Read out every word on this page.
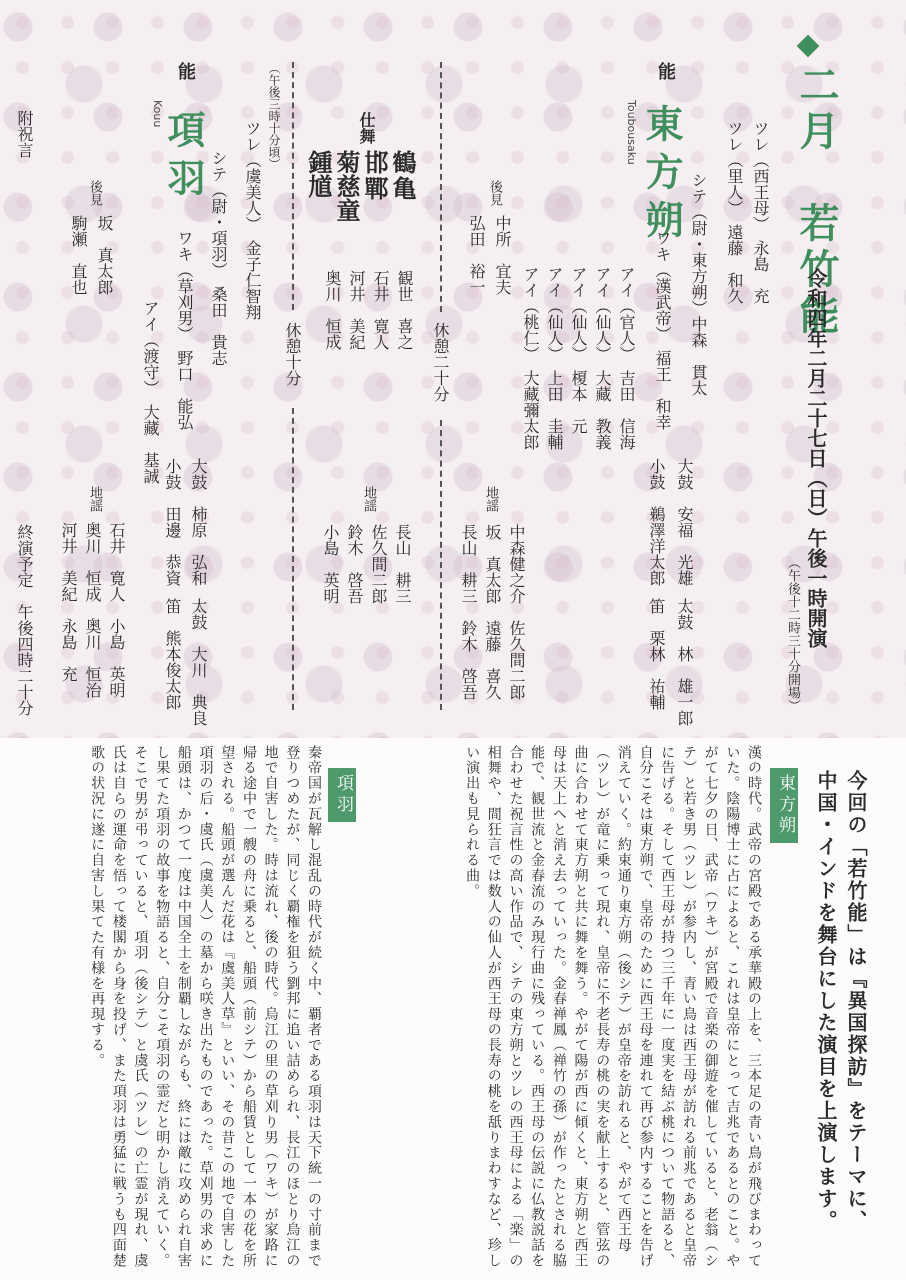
二月　若竹能
令和四年二月二十七日（日）午後一時開演
（午後十二時三十分開場）
能
東方朔
Toubousaku	ツレ（西王母）　永島　充
ツレ（里人）　遠藤　和久
シテ（尉・東方朔）中森　貫太
ワキ（漢武帝）　福王　和幸
アイ（官人）　吉田　信海
アイ（仙人）　大藏　教義
アイ（仙人）　榎本　元
アイ（仙人）　上田　圭輔
アイ（桃仁）　大藏彌太郎
後見
中所　宜夫
弘田　裕一
大鼓　安福　光雄
小鼓　鵜澤洋太郎
太鼓　林　雄一郎
笛　栗林　祐輔
地謡
中森健之介　佐久間二郎
坂　真太郎　遠藤　喜久
長山　耕三　鈴木　啓吾
休憩二十分
仕舞
鶴亀
邯鄲
菊慈童
鍾馗
観世　喜之
石井　寛人
河井　美紀
奥川　恒成
地謡
長山　耕三
佐久間二郎
鈴木　啓吾
小島　英明
休憩十分
（午後三時十分頃）
能
項羽
Kouu
ツレ（虞美人）　金子仁智翔
シテ（尉・項羽）　桑田　貴志
ワキ（草刈男）　野口　能弘
アイ（渡守）　大藏　基誠
後見
坂　真太郎
駒瀬　直也
大鼓　柿原　弘和
小鼓　田邊　恭資
太鼓　大川　典良
笛　熊本俊太郎
地謡
石井　寛人　小島　英明
奥川　恒成　奥川　恒治
河井　美紀　永島　充
附祝言
終演予定　午後四時二十分
今回の「若竹能」は『異国探訪』をテーマに、
中国・インドを舞台にした演目を上演します。
東方朔
漢の時代。武帝の宮殿である承華殿の上を、三本足の青い鳥が飛びまわっていた。陰陽博士に占によると、これは皇帝にとって吉兆であるとのこと。やがて七夕の日、武帝（ワキ）が宮殿で音楽の御遊を催していると、老翁（シテ）と若き男（ツレ）が参内し、青い鳥は西王母が訪れる前兆であると皇帝に告げる。そして西王母が持つ三千年に一度実を結ぶ桃について物語ると、自分こそは東方朔で、皇帝のために西王母を連れて再び参内することを告げ消えていく。約束通り東方朔（後シテ）が皇帝を訪れると、やがて西王母（ツレ）が竜に乗って現れ、皇帝に不老長寿の桃の実を献上すると、管弦の曲に合わせて東方朔と共に舞を舞う。やがて陽が西に傾くと、東方朔と西王母は天上へと消え去っていった。金春禅鳳（禅竹の孫）が作ったとされる脇能で、観世流と金春流のみ現行曲に残っている。西王母の伝説に仏教説話を合わせた祝言性の高い作品で、シテの東方朔とツレの西王母による「楽」の相舞や、間狂言では数人の仙人が西王母の長寿の桃を舐りまわすなど、珍しい演出も見られる曲。
項羽
秦帝国が瓦解し混乱の時代が続く中、覇者である項羽は天下統一の寸前まで登りつめたが、同じく覇権を狙う劉邦に追い詰められ、長江のほとり烏江の地で自害した。時は流れ、後の時代。烏江の里の草刈り男（ワキ）が家路に帰る途中で一艘の舟に乗ると、船頭（前シテ）から船賃として一本の花を所望される。船頭が選んだ花は『虞美人草』といい、その昔この地で自害した項羽の后・虞氏（虞美人）の墓から咲き出たものであった。草刈男の求めに船頭は、かつて一度は中国全土を制覇しながらも、終には敵に攻められ自害し果てた項羽の故事を物語ると、自分こそ項羽の霊だと明かし消えていく。そこで男が弔っていると、項羽（後シテ）と虞氏（ツレ）の亡霊が現れ、虞氏は自らの運命を悟って楼閣から身を投げ、また項羽は勇猛に戦うも四面楚歌の状況に遂に自害し果てた有様を再現する。
